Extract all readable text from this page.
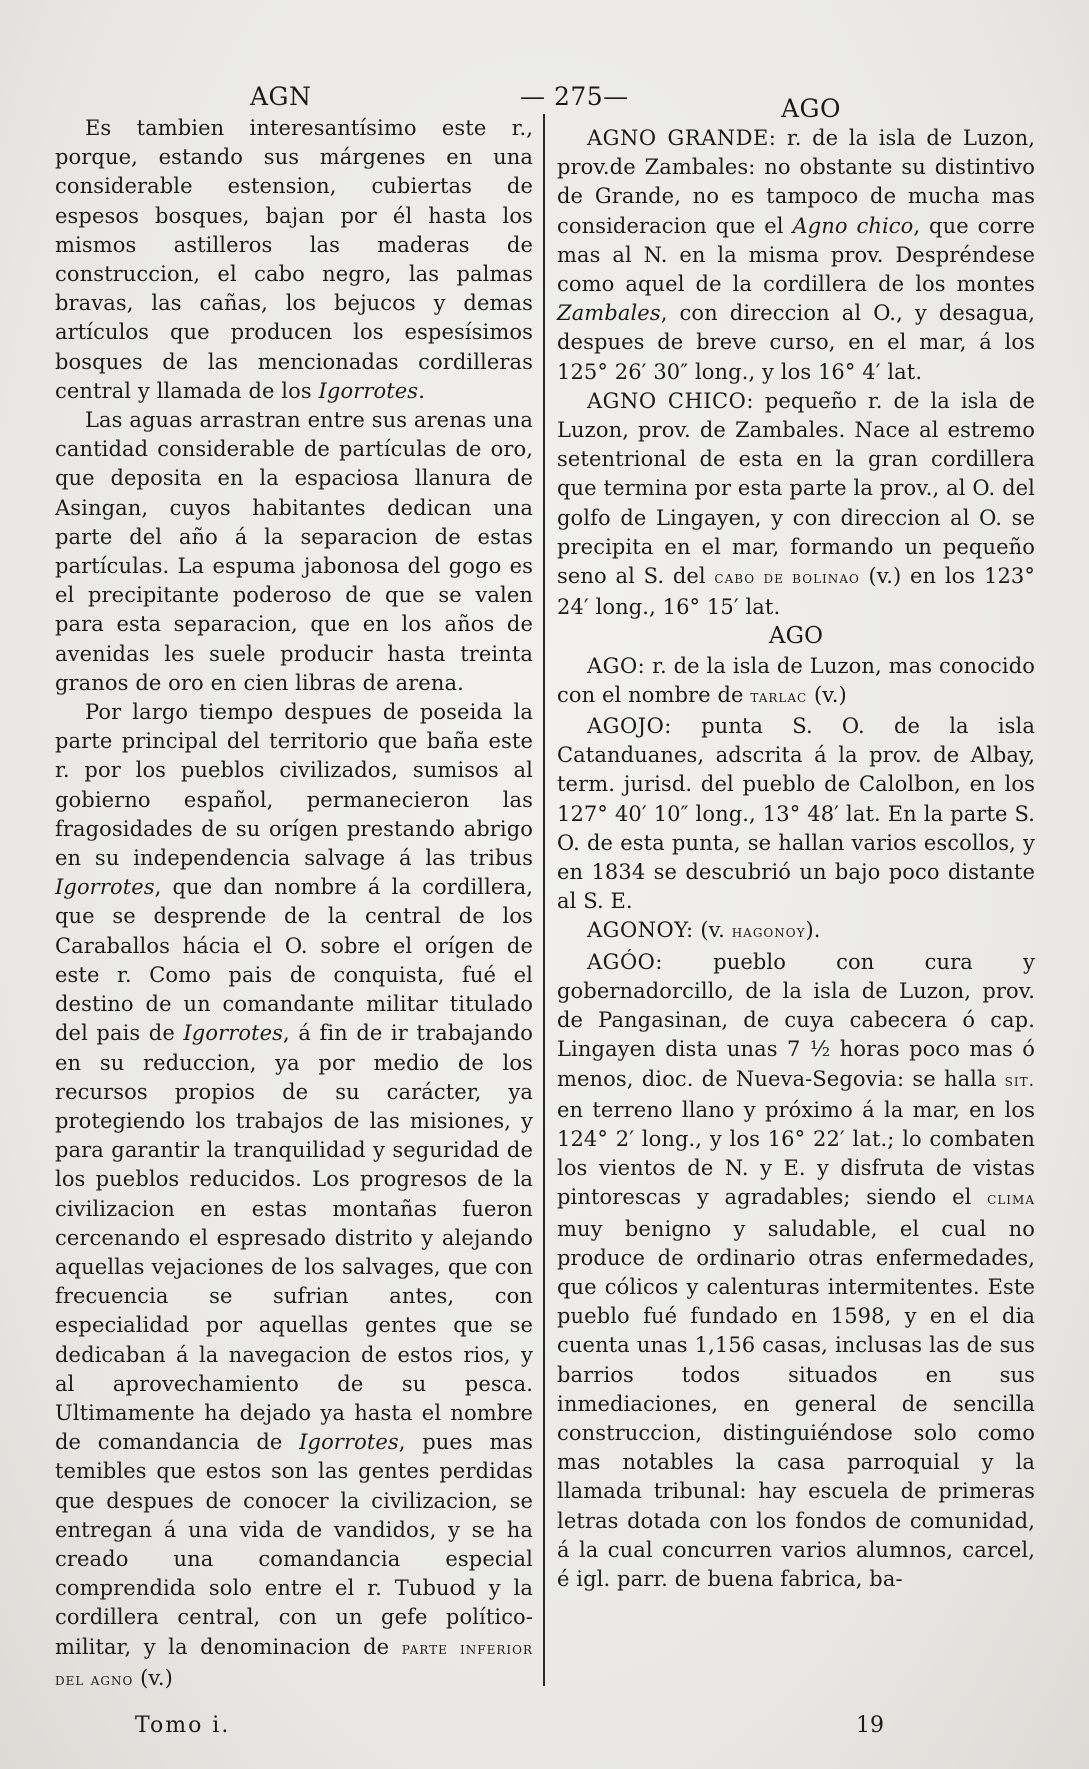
AGN	— 275—	AGO

Es tambien interesantísimo este r., porque, estando sus márgenes en una considerable estension, cubiertas de espesos bosques, bajan por él hasta los mismos astilleros las maderas de construccion, el cabo negro, las palmas bravas, las cañas, los bejucos y demas artículos que producen los espesísimos bosques de las mencionadas cordilleras central y llamada de los Igorrotes.

Las aguas arrastran entre sus arenas una cantidad considerable de partículas de oro, que deposita en la espaciosa llanura de Asingan, cuyos habitantes dedican una parte del año á la separacion de estas partículas. La espuma jabonosa del gogo es el precipitante poderoso de que se valen para esta separacion, que en los años de avenidas les suele producir hasta treinta granos de oro en cien libras de arena.

Por largo tiempo despues de poseida la parte principal del territorio que baña este r. por los pueblos civilizados, sumisos al gobierno español, permanecieron las fragosidades de su orígen prestando abrigo en su independencia salvage á las tribus Igorrotes, que dan nombre á la cordillera, que se desprende de la central de los Caraballos hácia el O. sobre el orígen de este r. Como pais de conquista, fué el destino de un comandante militar titulado del pais de Igorrotes, á fin de ir trabajando en su reduccion, ya por medio de los recursos propios de su carácter, ya protegiendo los trabajos de las misiones, y para garantir la tranquilidad y seguridad de los pueblos reducidos. Los progresos de la civilizacion en estas montañas fueron cercenando el espresado distrito y alejando aquellas vejaciones de los salvages, que con frecuencia se sufrian antes, con especialidad por aquellas gentes que se dedicaban á la navegacion de estos rios, y al aprovechamiento de su pesca. Ultimamente ha dejado ya hasta el nombre de comandancia de Igorrotes, pues mas temibles que estos son las gentes perdidas que despues de conocer la civilizacion, se entregan á una vida de vandidos, y se ha creado una comandancia especial comprendida solo entre el r. Tubuod y la cordillera central, con un gefe político-militar, y la denominacion de parte inferior del agno (v.)

AGNO GRANDE: r. de la isla de Luzon, prov.de Zambales: no obstante su distintivo de Grande, no es tampoco de mucha mas consideracion que el Agno chico, que corre mas al N. en la misma prov. Despréndese como aquel de la cordillera de los montes Zambales, con direccion al O., y desagua, despues de breve curso, en el mar, á los 125° 26′ 30″ long., y los 16° 4′ lat.

AGNO CHICO: pequeño r. de la isla de Luzon, prov. de Zambales. Nace al estremo setentrional de esta en la gran cordillera que termina por esta parte la prov., al O. del golfo de Lingayen, y con direccion al O. se precipita en el mar, formando un pequeño seno al S. del cabo de bolinao (v.) en los 123° 24′ long., 16° 15′ lat.

AGO

AGO: r. de la isla de Luzon, mas conocido con el nombre de tarlac (v.)

AGOJO: punta S. O. de la isla Catanduanes, adscrita á la prov. de Albay, term. jurisd. del pueblo de Calolbon, en los 127° 40′ 10″ long., 13° 48′ lat. En la parte S. O. de esta punta, se hallan varios escollos, y en 1834 se descubrió un bajo poco distante al S. E.

AGONOY: (v. hagonoy).

AGÓO: pueblo con cura y gobernadorcillo, de la isla de Luzon, prov. de Pangasinan, de cuya cabecera ó cap. Lingayen dista unas 7 ½ horas poco mas ó menos, dioc. de Nueva-Segovia: se halla sit. en terreno llano y próximo á la mar, en los 124° 2′ long., y los 16° 22′ lat.; lo combaten los vientos de N. y E. y disfruta de vistas pintorescas y agradables; siendo el clima muy benigno y saludable, el cual no produce de ordinario otras enfermedades, que cólicos y calenturas intermitentes. Este pueblo fué fundado en 1598, y en el dia cuenta unas 1,156 casas, inclusas las de sus barrios todos situados en sus inmediaciones, en general de sencilla construccion, distinguiéndose solo como mas notables la casa parroquial y la llamada tribunal: hay escuela de primeras letras dotada con los fondos de comunidad, á la cual concurren varios alumnos, carcel, é igl. parr. de buena fabrica, ba-

Tomo i.	19
